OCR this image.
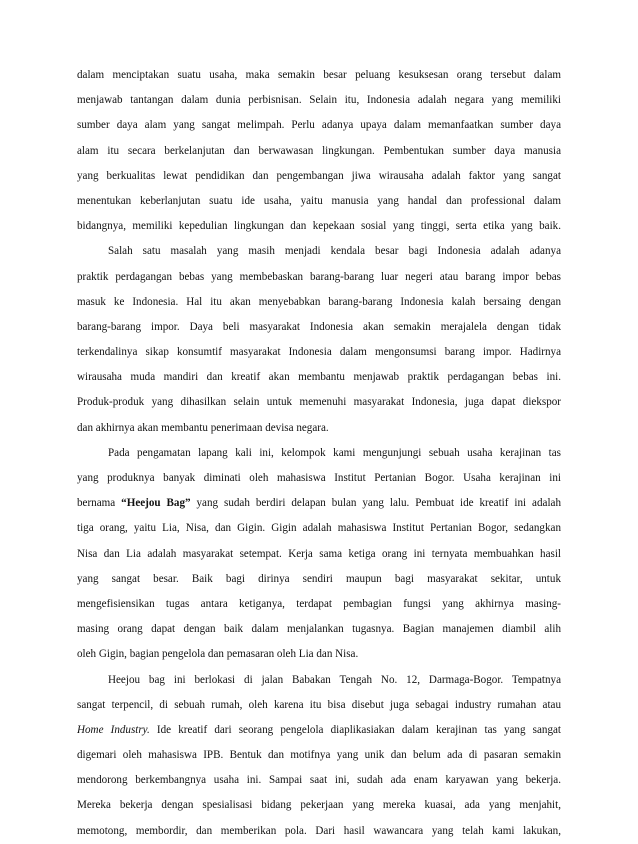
dalam menciptakan suatu usaha, maka semakin besar peluang kesuksesan orang tersebut dalam
menjawab tantangan dalam dunia perbisnisan. Selain itu, Indonesia adalah negara yang memiliki
sumber daya alam yang sangat melimpah. Perlu adanya upaya dalam memanfaatkan sumber daya
alam itu secara berkelanjutan dan berwawasan lingkungan. Pembentukan sumber daya manusia
yang berkualitas lewat pendidikan dan pengembangan jiwa wirausaha adalah faktor yang sangat
menentukan keberlanjutan suatu ide usaha, yaitu manusia yang handal dan professional dalam
bidangnya, memiliki kepedulian lingkungan dan kepekaan sosial yang tinggi, serta etika yang baik.
Salah satu masalah yang masih menjadi kendala besar bagi Indonesia adalah adanya
praktik perdagangan bebas yang membebaskan barang-barang luar negeri atau barang impor bebas
masuk ke Indonesia. Hal itu akan menyebabkan barang-barang Indonesia kalah bersaing dengan
barang-barang impor. Daya beli masyarakat Indonesia akan semakin merajalela dengan tidak
terkendalinya sikap konsumtif masyarakat Indonesia dalam mengonsumsi barang impor. Hadirnya
wirausaha muda mandiri dan kreatif akan membantu menjawab praktik perdagangan bebas ini.
Produk-produk yang dihasilkan selain untuk memenuhi masyarakat Indonesia, juga dapat diekspor
dan akhirnya akan membantu penerimaan devisa negara.
Pada pengamatan lapang kali ini, kelompok kami mengunjungi sebuah usaha kerajinan tas
yang produknya banyak diminati oleh mahasiswa Institut Pertanian Bogor. Usaha kerajinan ini
bernama “Heejou Bag” yang sudah berdiri delapan bulan yang lalu. Pembuat ide kreatif ini adalah
tiga orang, yaitu Lia, Nisa, dan Gigin. Gigin adalah mahasiswa Institut Pertanian Bogor, sedangkan
Nisa dan Lia adalah masyarakat setempat. Kerja sama ketiga orang ini ternyata membuahkan hasil
yang sangat besar. Baik bagi dirinya sendiri maupun bagi masyarakat sekitar, untuk
mengefisiensikan tugas antara ketiganya, terdapat pembagian fungsi yang akhirnya masing-
masing orang dapat dengan baik dalam menjalankan tugasnya. Bagian manajemen diambil alih
oleh Gigin, bagian pengelola dan pemasaran oleh Lia dan Nisa.
Heejou bag ini berlokasi di jalan Babakan Tengah No. 12, Darmaga-Bogor. Tempatnya
sangat terpencil, di sebuah rumah, oleh karena itu bisa disebut juga sebagai industry rumahan atau
Home Industry. Ide kreatif dari seorang pengelola diaplikasiakan dalam kerajinan tas yang sangat
digemari oleh mahasiswa IPB. Bentuk dan motifnya yang unik dan belum ada di pasaran semakin
mendorong berkembangnya usaha ini. Sampai saat ini, sudah ada enam karyawan yang bekerja.
Mereka bekerja dengan spesialisasi bidang pekerjaan yang mereka kuasai, ada yang menjahit,
memotong, membordir, dan memberikan pola. Dari hasil wawancara yang telah kami lakukan,
